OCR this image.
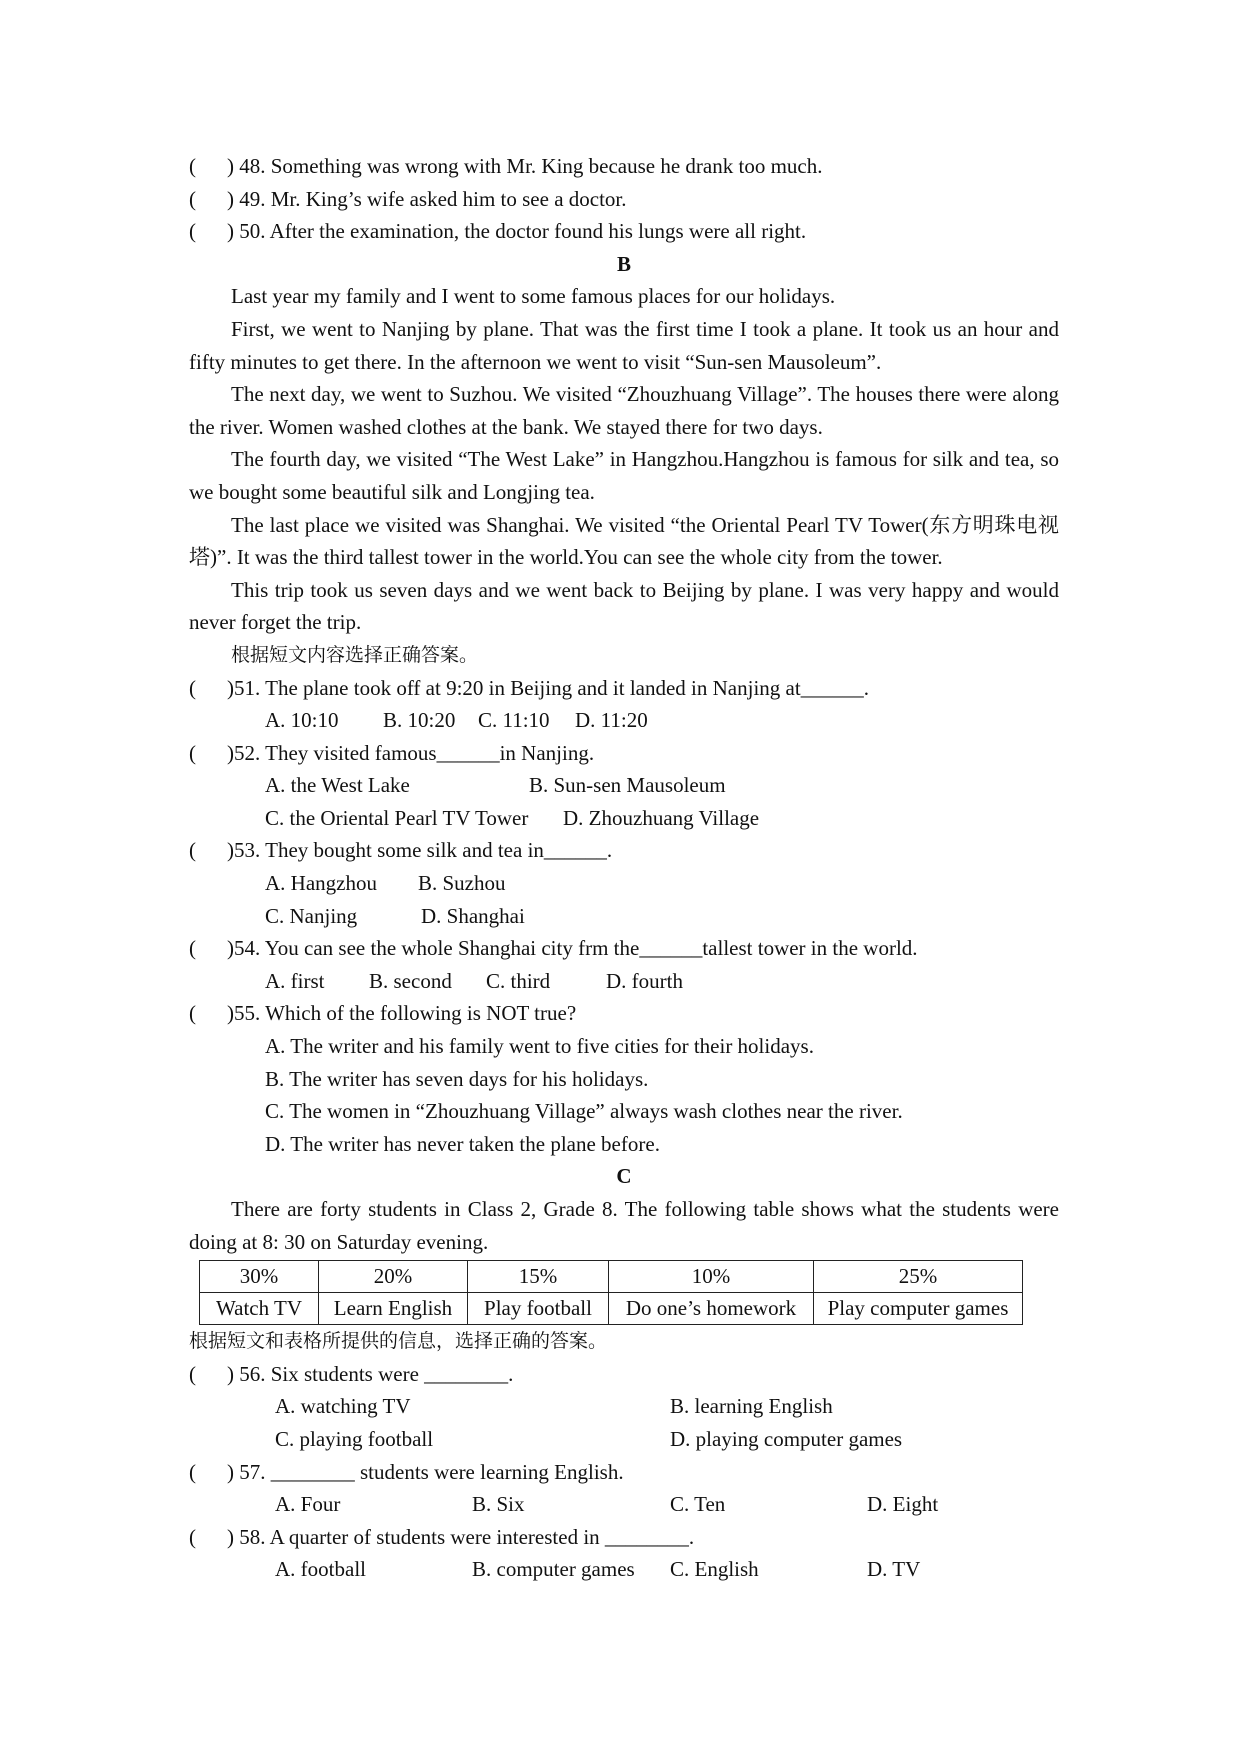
(	) 48. Something was wrong with Mr. King because he drank too much.
(	) 49. Mr. King’s wife asked him to see a doctor.
(	) 50. After the examination, the doctor found his lungs were all right.
B
Last year my family and I went to some famous places for our holidays.
First, we went to Nanjing by plane. That was the first time I took a plane. It took us an hour and fifty minutes to get there. In the afternoon we went to visit “Sun-sen Mausoleum”.
The next day, we went to Suzhou. We visited “Zhouzhuang Village”. The houses there were along the river. Women washed clothes at the bank. We stayed there for two days.
The fourth day, we visited “The West Lake” in Hangzhou.Hangzhou is famous for silk and tea, so we bought some beautiful silk and Longjing tea.
The last place we visited was Shanghai. We visited “the Oriental Pearl TV Tower(东方明珠电视塔)”. It was the third tallest tower in the world.You can see the whole city from the tower.
This trip took us seven days and we went back to Beijing by plane. I was very happy and would never forget the trip.
根据短文内容选择正确答案。
(	)51. The plane took off at 9:20 in Beijing and it landed in Nanjing at______.
A. 10:10	B. 10:20	C. 11:10	D. 11:20
(	)52. They visited famous______in Nanjing.
A. the West Lake	B. Sun-sen Mausoleum
C. the Oriental Pearl TV Tower	D. Zhouzhuang Village
(	)53. They bought some silk and tea in______.
A. Hangzhou	B. Suzhou
C. Nanjing	D. Shanghai
(	)54. You can see the whole Shanghai city frm the______tallest tower in the world.
A. first	B. second	C. third	D. fourth
(	)55. Which of the following is NOT true?
A. The writer and his family went to five cities for their holidays.
B. The writer has seven days for his holidays.
C. The women in “Zhouzhuang Village” always wash clothes near the river.
D. The writer has never taken the plane before.
C
There are forty students in Class 2, Grade 8. The following table shows what the students were doing at 8: 30 on Saturday evening.
30%	20%	15%	10%	25%
Watch TV	Learn English	Play football	Do one’s homework	Play computer games
根据短文和表格所提供的信息，选择正确的答案。
(	) 56. Six students were ________.
A. watching TV	B. learning English
C. playing football	D. playing computer games
(	) 57. ________ students were learning English.
A. Four	B. Six	C. Ten	D. Eight
(	) 58. A quarter of students were interested in ________.
A. football	B. computer games	C. English	D. TV
